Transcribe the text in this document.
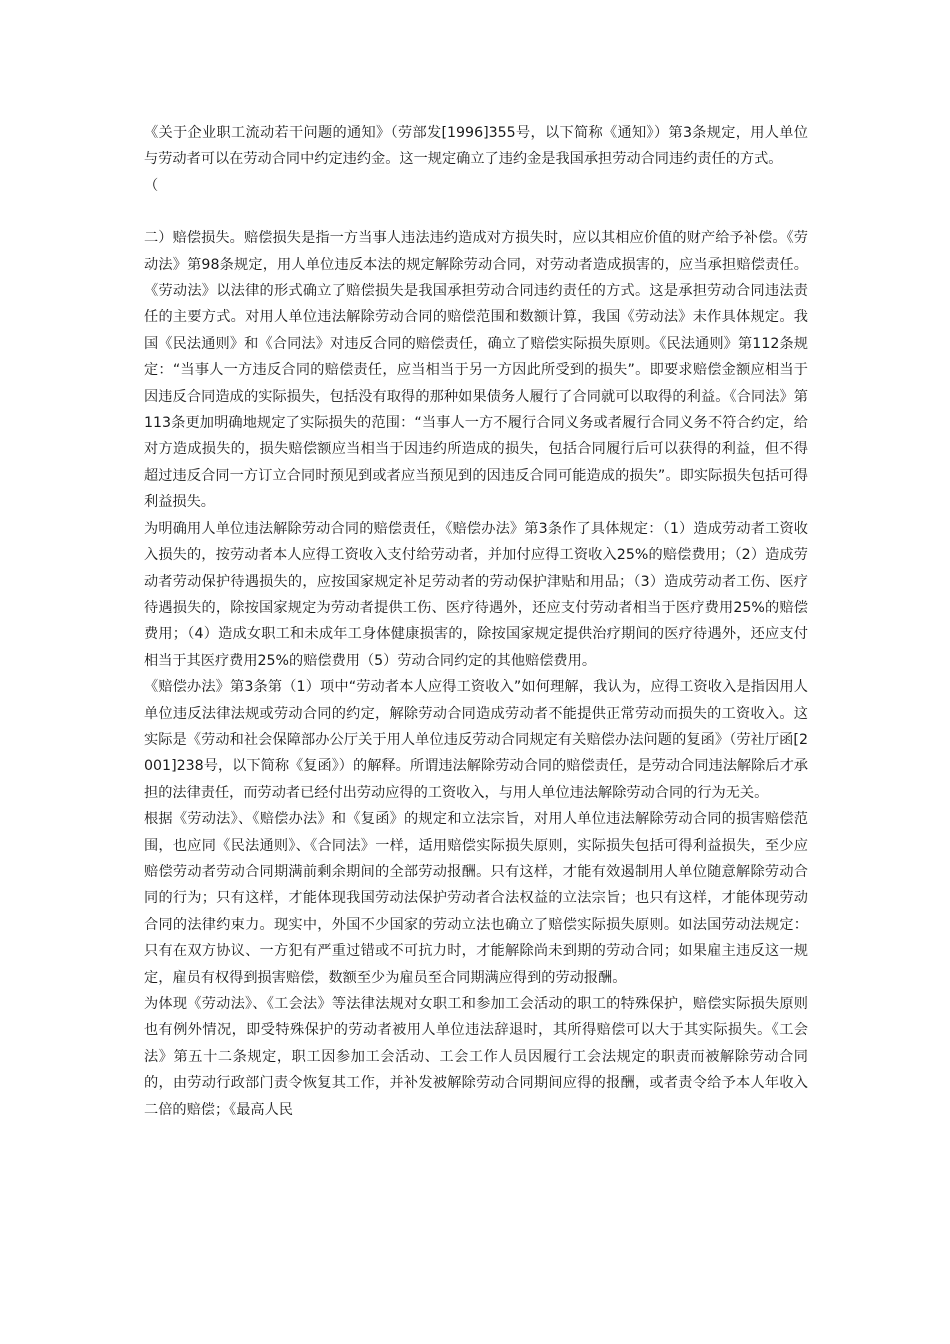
《关于企业职工流动若干问题的通知》（劳部发[1996]355号，以下简称《通知》）第3条规定，用人单位与劳动者可以在劳动合同中约定违约金。这一规定确立了违约金是我国承担劳动合同违约责任的方式。

（

二）赔偿损失。赔偿损失是指一方当事人违法违约造成对方损失时，应以其相应价值的财产给予补偿。《劳动法》第98条规定，用人单位违反本法的规定解除劳动合同，对劳动者造成损害的，应当承担赔偿责任。《劳动法》以法律的形式确立了赔偿损失是我国承担劳动合同违约责任的方式。这是承担劳动合同违法责任的主要方式。对用人单位违法解除劳动合同的赔偿范围和数额计算，我国《劳动法》未作具体规定。我国《民法通则》和《合同法》对违反合同的赔偿责任，确立了赔偿实际损失原则。《民法通则》第112条规定：“当事人一方违反合同的赔偿责任，应当相当于另一方因此所受到的损失”。即要求赔偿金额应相当于因违反合同造成的实际损失，包括没有取得的那种如果债务人履行了合同就可以取得的利益。《合同法》第113条更加明确地规定了实际损失的范围：“当事人一方不履行合同义务或者履行合同义务不符合约定，给对方造成损失的，损失赔偿额应当相当于因违约所造成的损失，包括合同履行后可以获得的利益，但不得超过违反合同一方订立合同时预见到或者应当预见到的因违反合同可能造成的损失”。即实际损失包括可得利益损失。

为明确用人单位违法解除劳动合同的赔偿责任，《赔偿办法》第3条作了具体规定：（1）造成劳动者工资收入损失的，按劳动者本人应得工资收入支付给劳动者，并加付应得工资收入25%的赔偿费用；（2）造成劳动者劳动保护待遇损失的，应按国家规定补足劳动者的劳动保护津贴和用品；（3）造成劳动者工伤、医疗待遇损失的，除按国家规定为劳动者提供工伤、医疗待遇外，还应支付劳动者相当于医疗费用25%的赔偿费用；（4）造成女职工和未成年工身体健康损害的，除按国家规定提供治疗期间的医疗待遇外，还应支付相当于其医疗费用25%的赔偿费用（5）劳动合同约定的其他赔偿费用。

《赔偿办法》第3条第（1）项中“劳动者本人应得工资收入”如何理解，我认为，应得工资收入是指因用人单位违反法律法规或劳动合同的约定，解除劳动合同造成劳动者不能提供正常劳动而损失的工资收入。这实际是《劳动和社会保障部办公厅关于用人单位违反劳动合同规定有关赔偿办法问题的复函》（劳社厅函[2001]238号，以下简称《复函》）的解释。所谓违法解除劳动合同的赔偿责任，是劳动合同违法解除后才承担的法律责任，而劳动者已经付出劳动应得的工资收入，与用人单位违法解除劳动合同的行为无关。

根据《劳动法》、《赔偿办法》和《复函》的规定和立法宗旨，对用人单位违法解除劳动合同的损害赔偿范围，也应同《民法通则》、《合同法》一样，适用赔偿实际损失原则，实际损失包括可得利益损失，至少应赔偿劳动者劳动合同期满前剩余期间的全部劳动报酬。只有这样，才能有效遏制用人单位随意解除劳动合同的行为；只有这样，才能体现我国劳动法保护劳动者合法权益的立法宗旨；也只有这样，才能体现劳动合同的法律约束力。现实中，外国不少国家的劳动立法也确立了赔偿实际损失原则。如法国劳动法规定：只有在双方协议、一方犯有严重过错或不可抗力时，才能解除尚未到期的劳动合同；如果雇主违反这一规定，雇员有权得到损害赔偿，数额至少为雇员至合同期满应得到的劳动报酬。

为体现《劳动法》、《工会法》等法律法规对女职工和参加工会活动的职工的特殊保护，赔偿实际损失原则也有例外情况，即受特殊保护的劳动者被用人单位违法辞退时，其所得赔偿可以大于其实际损失。《工会法》第五十二条规定，职工因参加工会活动、工会工作人员因履行工会法规定的职责而被解除劳动合同的，由劳动行政部门责令恢复其工作，并补发被解除劳动合同期间应得的报酬，或者责令给予本人年收入二倍的赔偿；《最高人民
